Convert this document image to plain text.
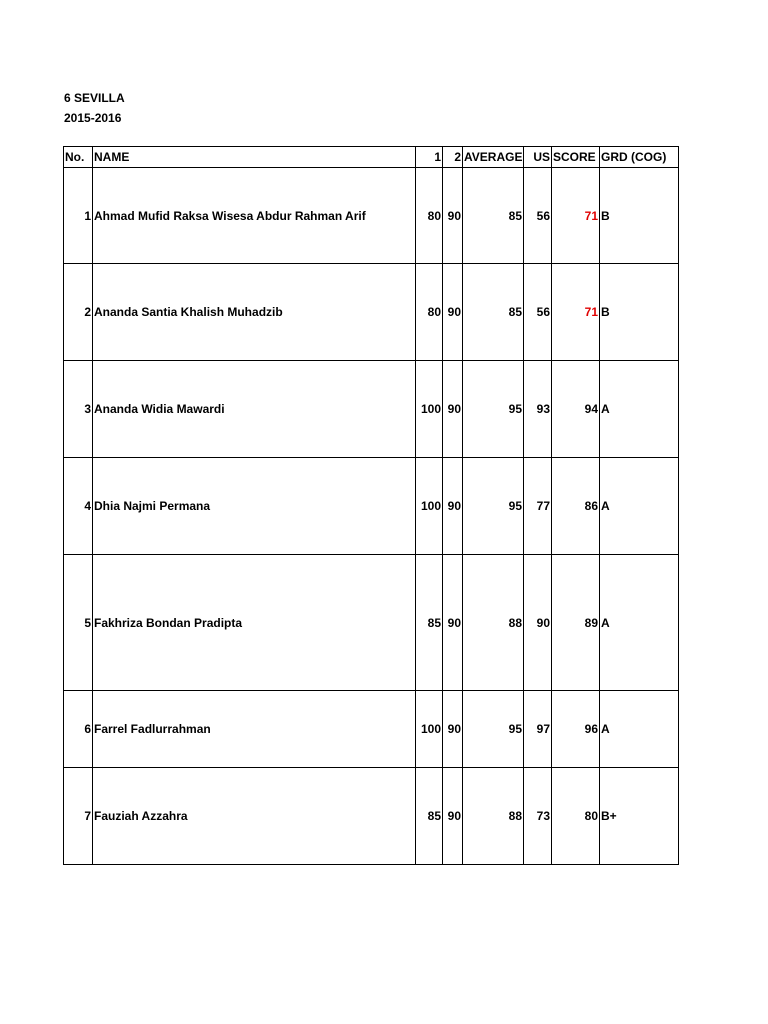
6 SEVILLA
2015-2016
No.	NAME	1	2	AVERAGE	US	SCORE	GRD (COG)
1	Ahmad Mufid Raksa Wisesa Abdur Rahman Arif	80	90	85	56	71	B
2	Ananda Santia Khalish Muhadzib	80	90	85	56	71	B
3	Ananda Widia Mawardi	100	90	95	93	94	A
4	Dhia Najmi Permana	100	90	95	77	86	A
5	Fakhriza Bondan Pradipta	85	90	88	90	89	A
6	Farrel Fadlurrahman	100	90	95	97	96	A
7	Fauziah Azzahra	85	90	88	73	80	B+
